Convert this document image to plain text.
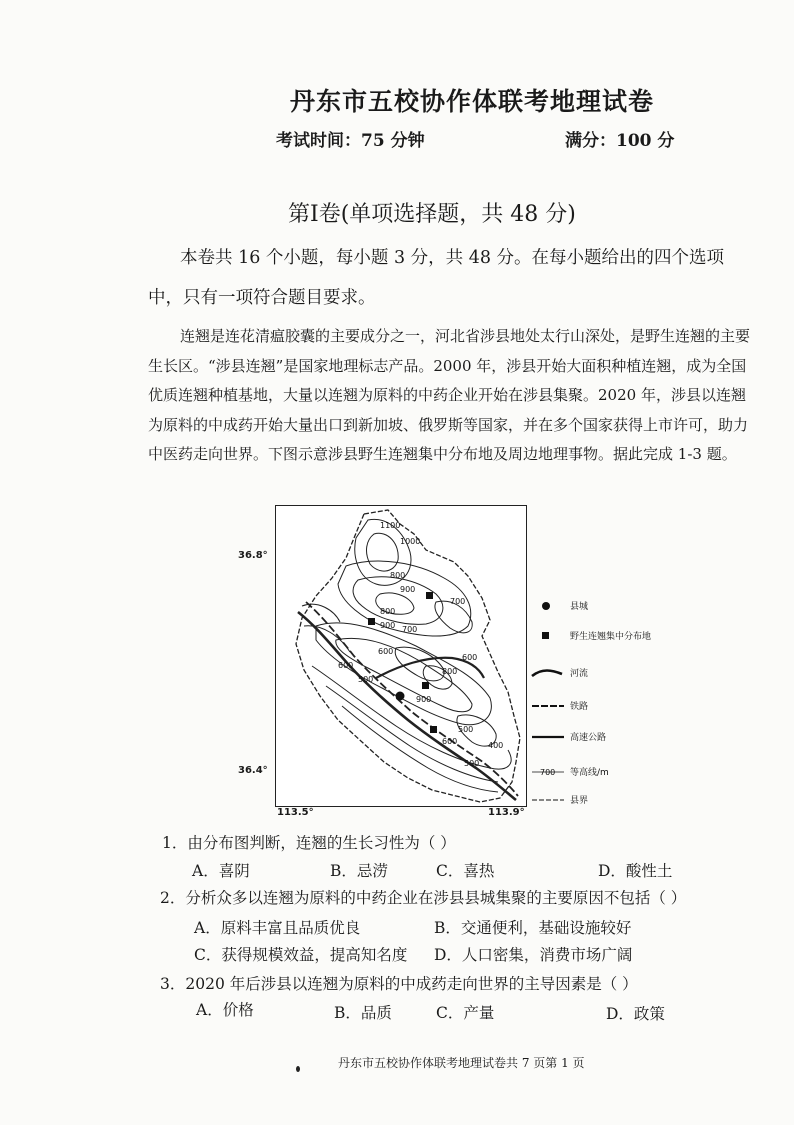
丹东市五校协作体联考地理试卷
考试时间：75 分钟	满分：100 分
第Ⅰ卷(单项选择题，共 48 分)
本卷共 16 个小题，每小题 3 分，共 48 分。在每小题给出的四个选项
中，只有一项符合题目要求。

连翘是连花清瘟胶囊的主要成分之一，河北省涉县地处太行山深处，是野生连翘的主要生长区。“涉县连翘”是国家地理标志产品。2000 年，涉县开始大面积种植连翘，成为全国优质连翘种植基地，大量以连翘为原料的中药企业开始在涉县集聚。2020 年，涉县以连翘为原料的中成药开始大量出口到新加坡、俄罗斯等国家，并在多个国家获得上市许可，助力中医药走向世界。下图示意涉县野生连翘集中分布地及周边地理事物。据此完成 1-3 题。

36.8°
36.4°
113.5°	113.9°
1100
1000
800
900
700
800
900 700
600
600
500
600
800
900
400
500
500
600
县城
野生连翘集中分布地
河流
铁路
高速公路
700 等高线/m
县界
1．由分布图判断，连翘的生长习性为（ ）
A．喜阴	B．忌涝	C．喜热	D．酸性土
2．分析众多以连翘为原料的中药企业在涉县县城集聚的主要原因不包括（ ）
A．原料丰富且品质优良	B．交通便利，基础设施较好
C．获得规模效益，提高知名度 D．人口密集，消费市场广阔
3．2020 年后涉县以连翘为原料的中成药走向世界的主导因素是（ ）
A．价格	B．品质	C．产量	D．政策
丹东市五校协作体联考地理试卷共 7 页第 1 页
